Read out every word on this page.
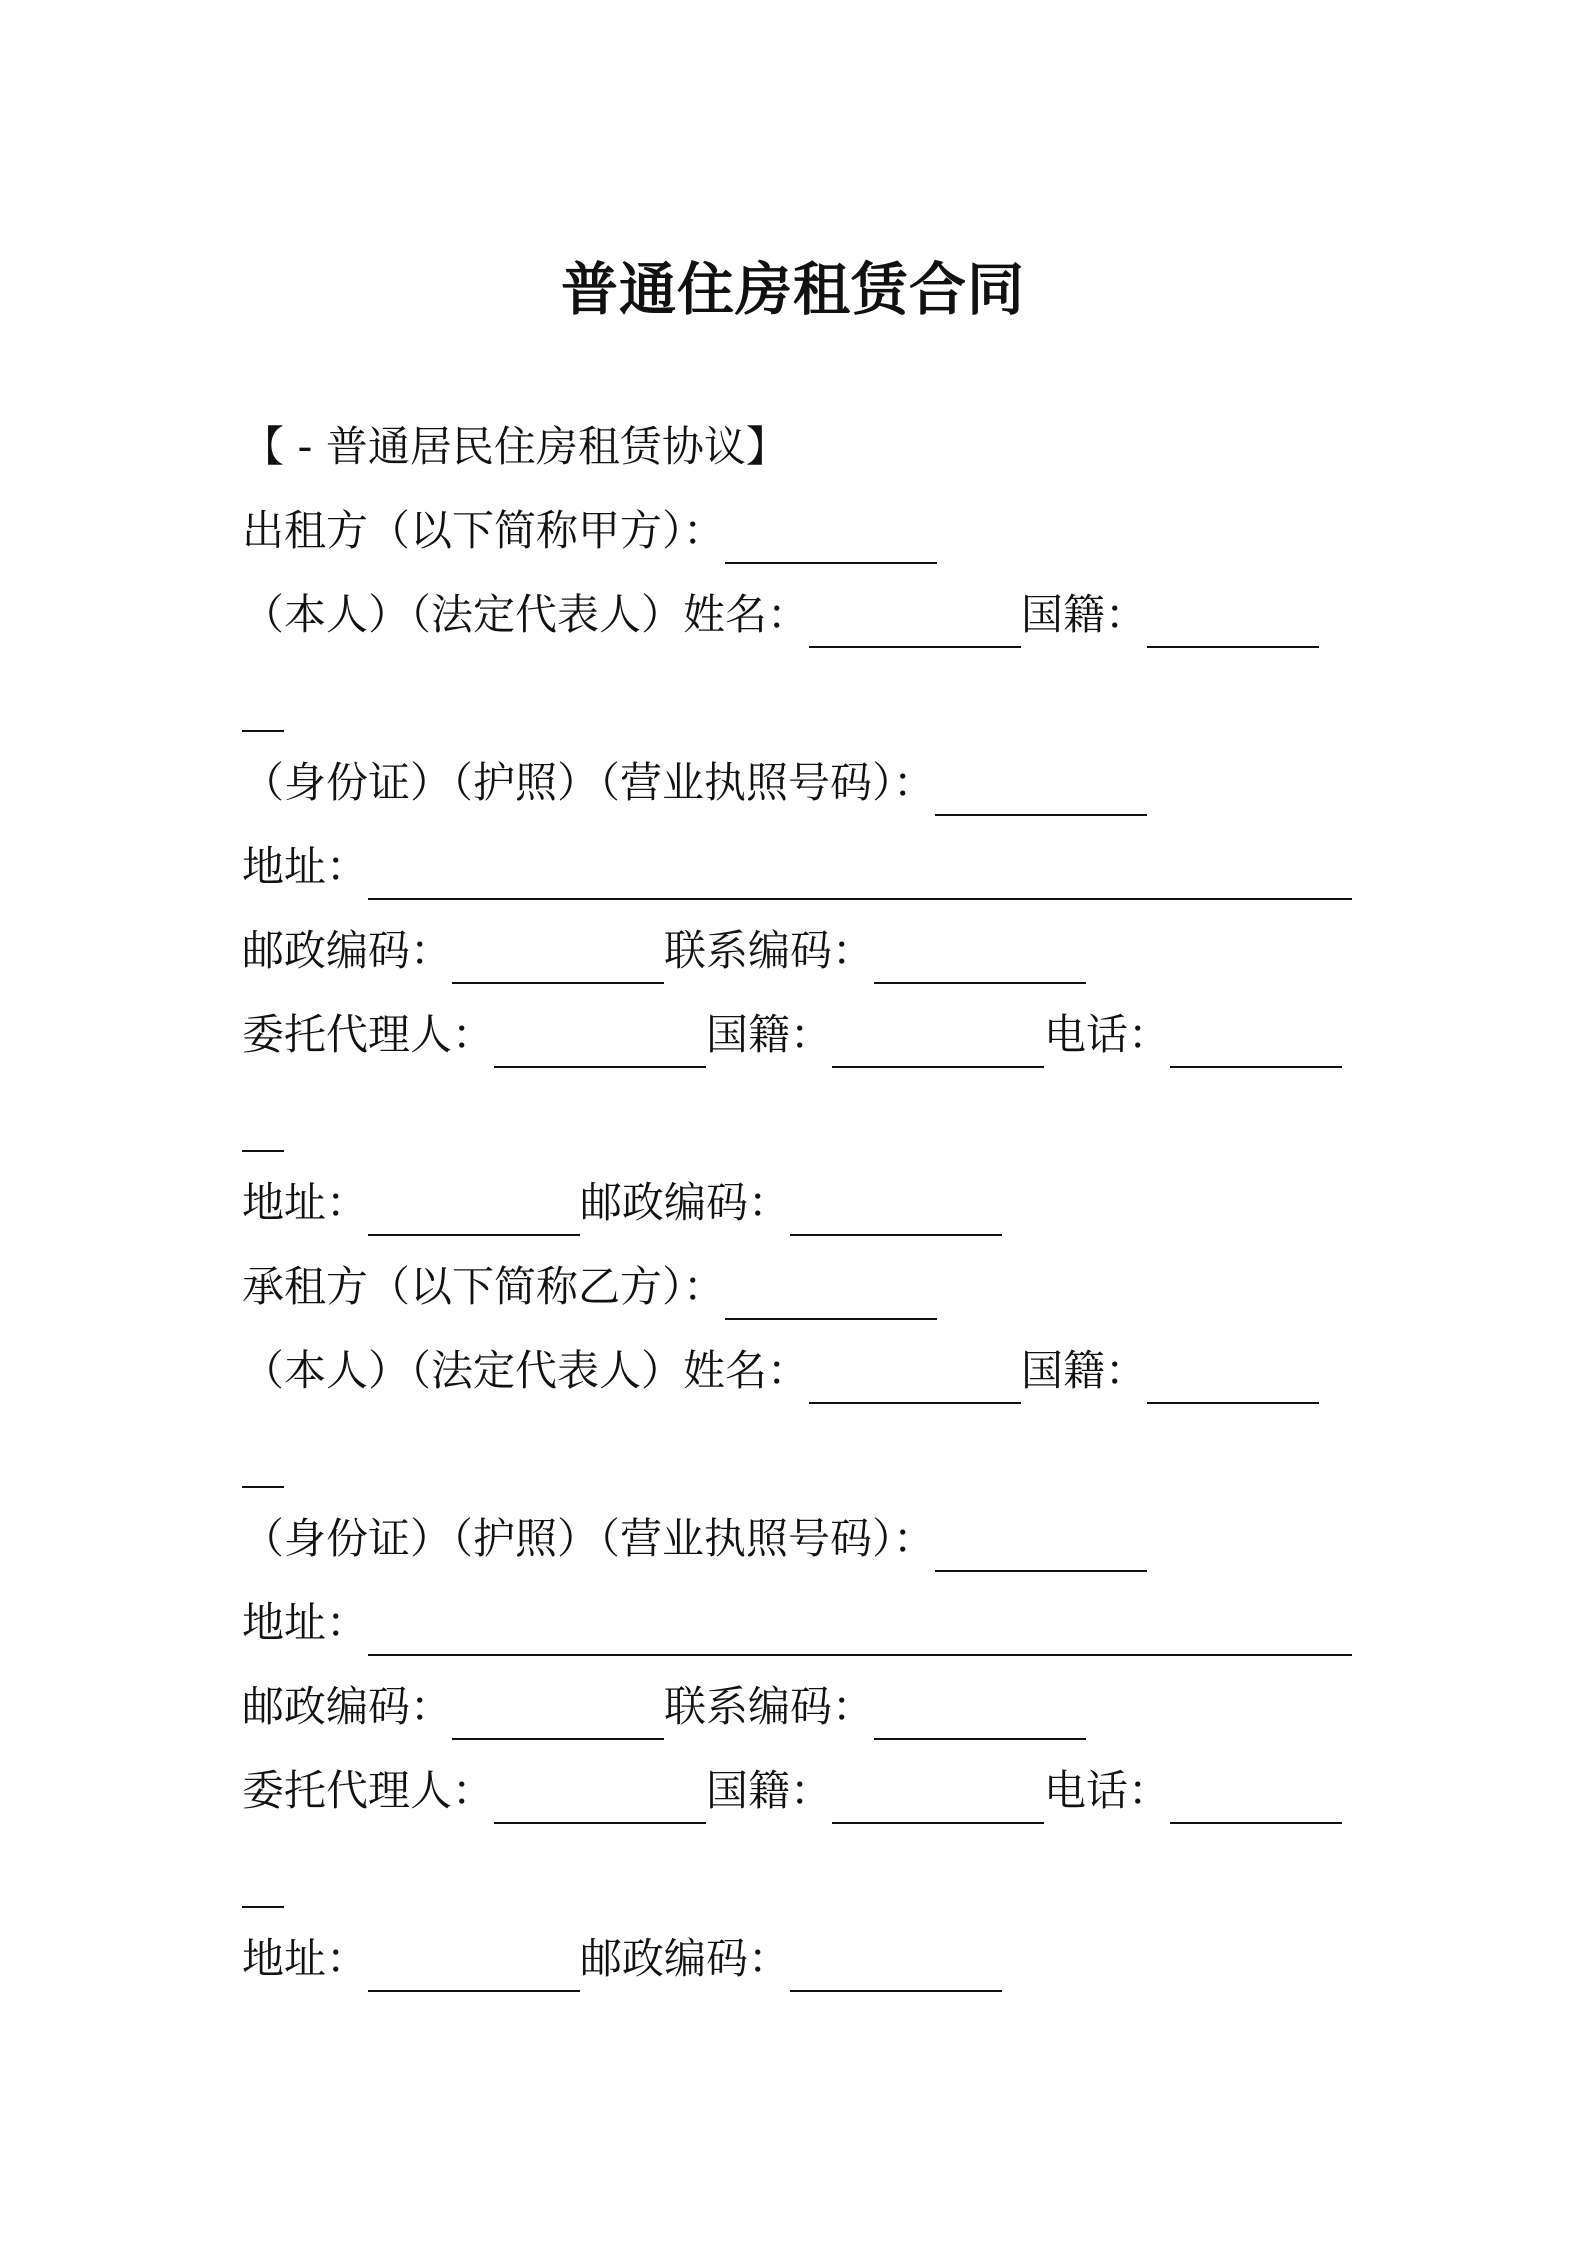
普通住房租赁合同
【 - 普通居民住房租赁协议】
出租方（以下简称甲方）：
（本人）（法定代表人）姓名：	国籍：
（身份证）（护照）（营业执照号码）：
地址：
邮政编码：	联系编码：
委托代理人：	国籍：	电话：
地址：	邮政编码：
承租方（以下简称乙方）：
（本人）（法定代表人）姓名：	国籍：
（身份证）（护照）（营业执照号码）：
地址：
邮政编码：	联系编码：
委托代理人：	国籍：	电话：
地址：	邮政编码：
